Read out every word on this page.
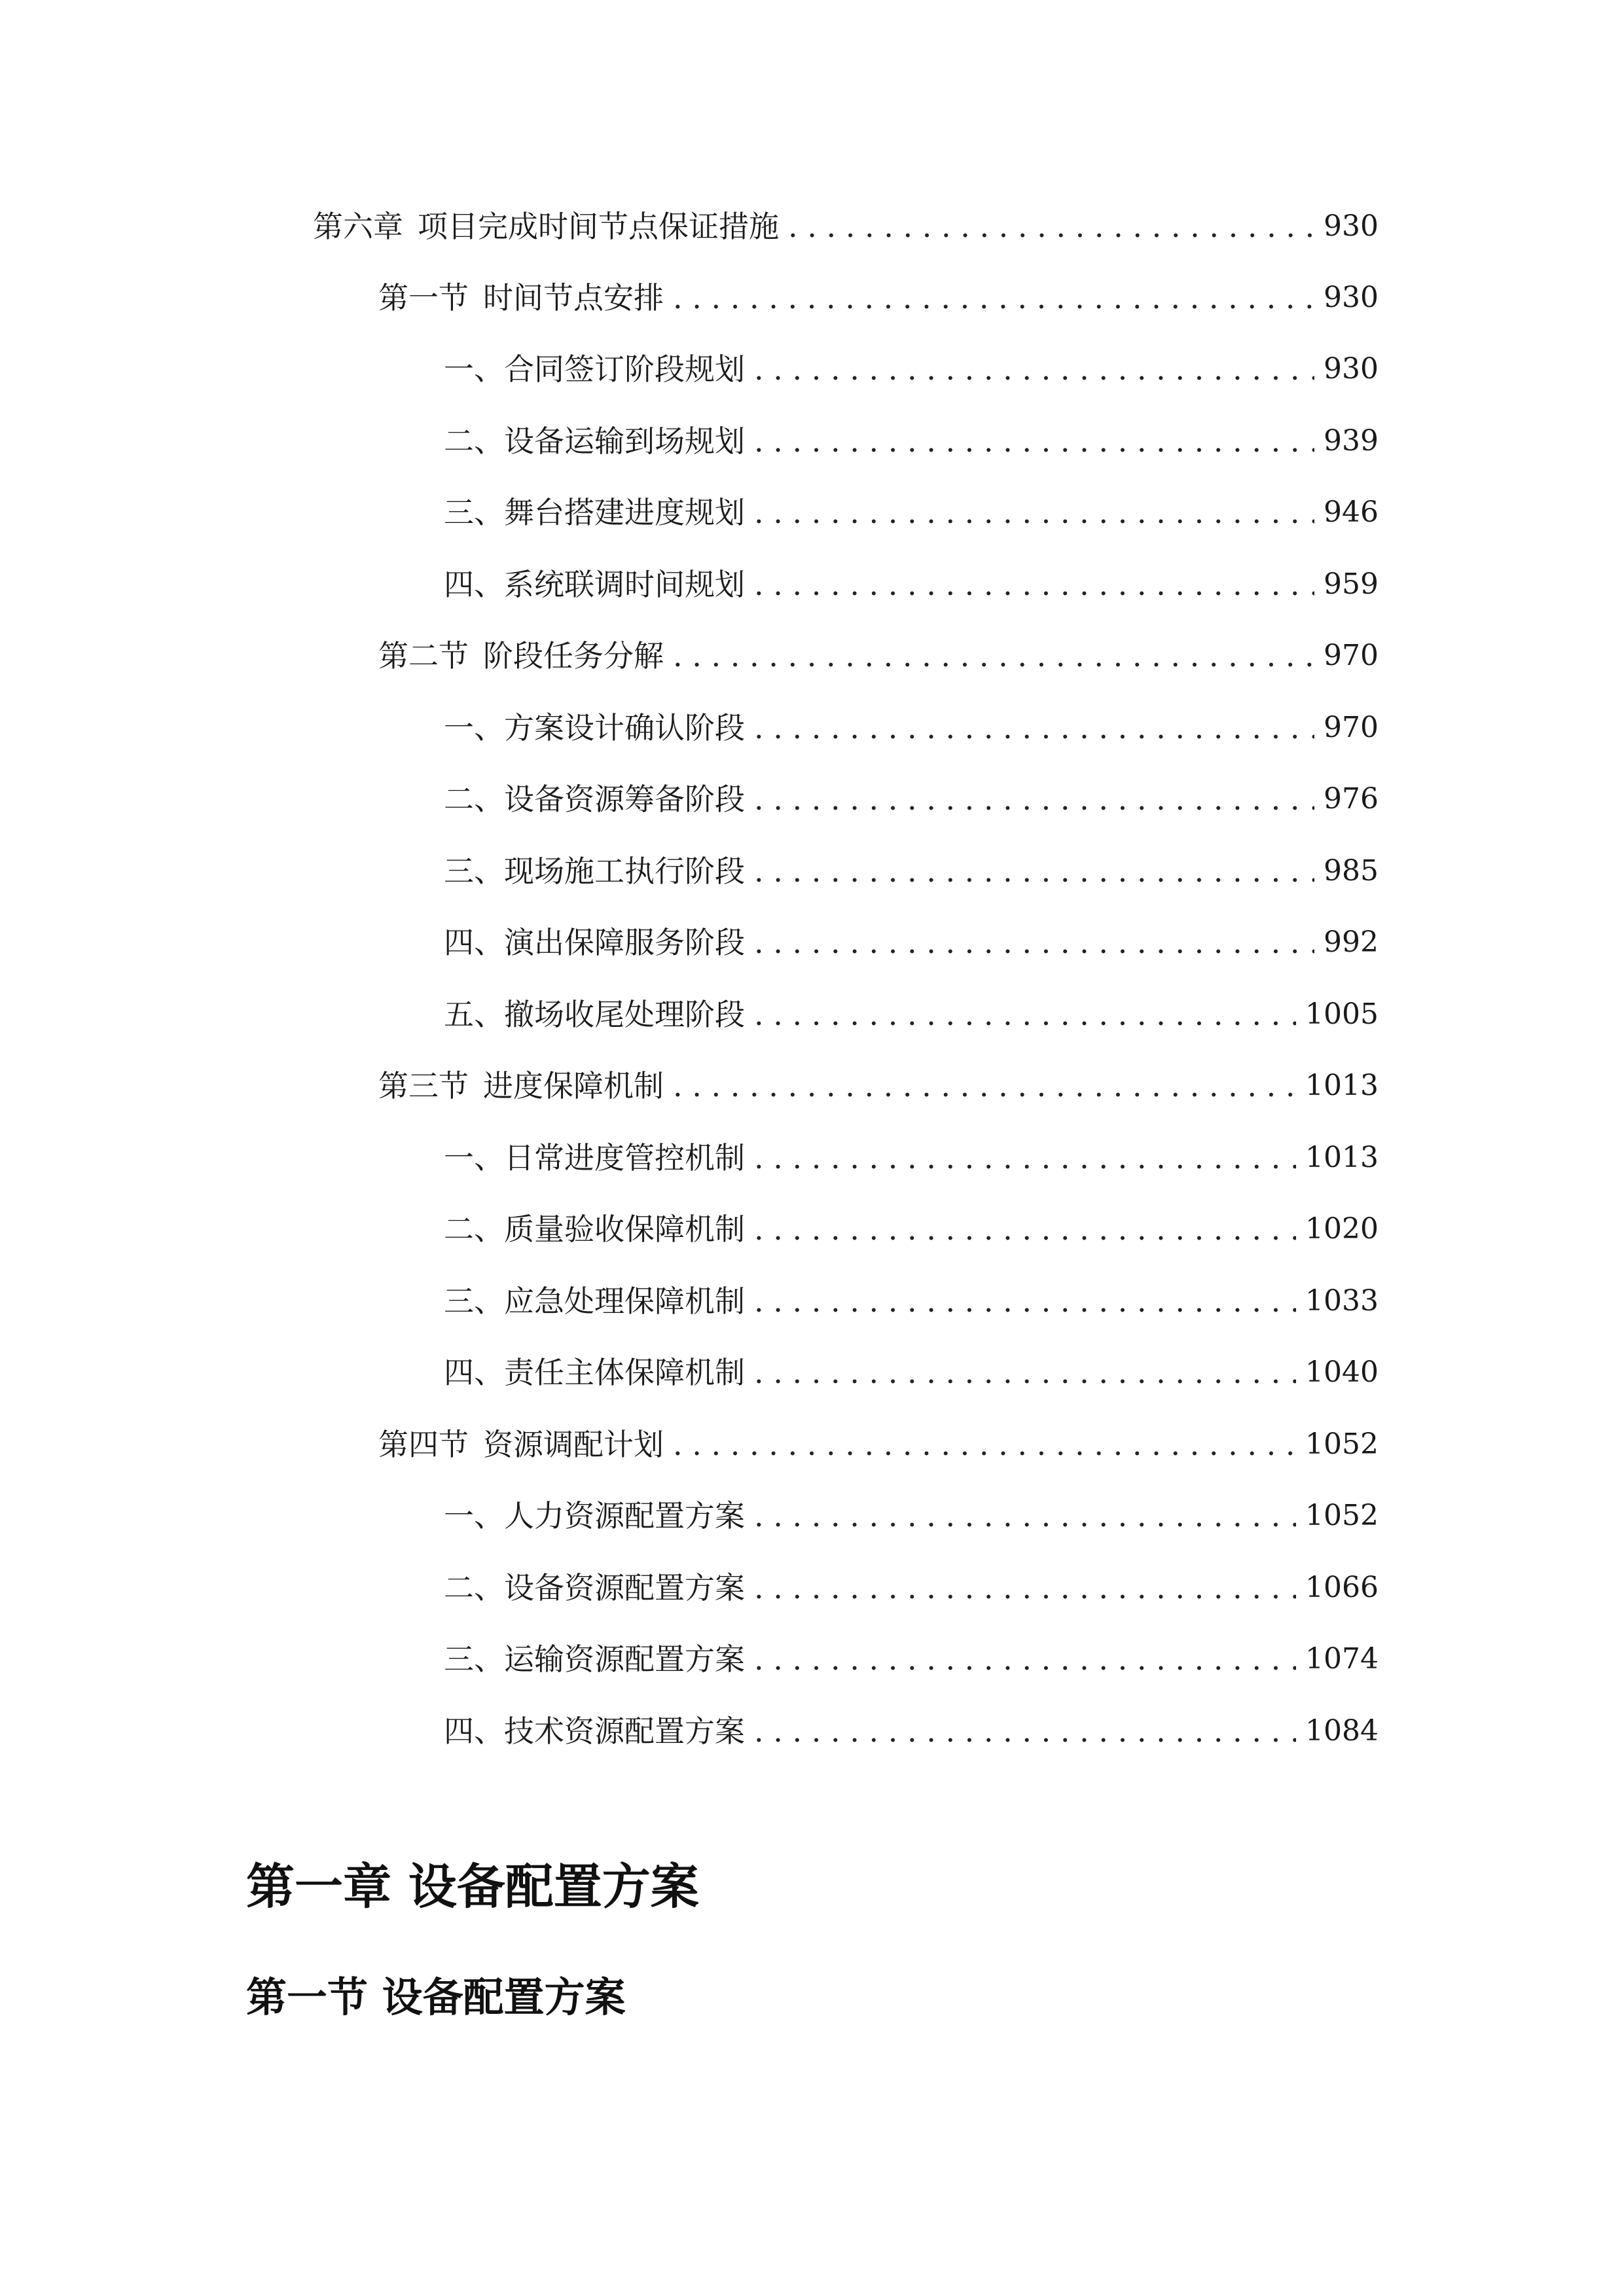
第六章 项目完成时间节点保证措施 . . .	930
第一节 时间节点安排 . . .	930
一、 合同签订阶段规划 . . .	930
二、 设备运输到场规划 . . .	939
三、 舞台搭建进度规划 . . .	946
四、 系统联调时间规划 . . .	959
第二节 阶段任务分解 . . .	970
一、 方案设计确认阶段 . . .	970
二、 设备资源筹备阶段 . . .	976
三、 现场施工执行阶段 . . .	985
四、 演出保障服务阶段 . . .	992
五、 撤场收尾处理阶段 . . .	1005
第三节 进度保障机制 . . .	1013
一、 日常进度管控机制 . . .	1013
二、 质量验收保障机制 . . .	1020
三、 应急处理保障机制 . . .	1033
四、 责任主体保障机制 . . .	1040
第四节 资源调配计划 . . .	1052
一、 人力资源配置方案 . . .	1052
二、 设备资源配置方案 . . .	1066
三、 运输资源配置方案 . . .	1074
四、 技术资源配置方案 . . .	1084
第一章 设备配置方案
第一节 设备配置方案
